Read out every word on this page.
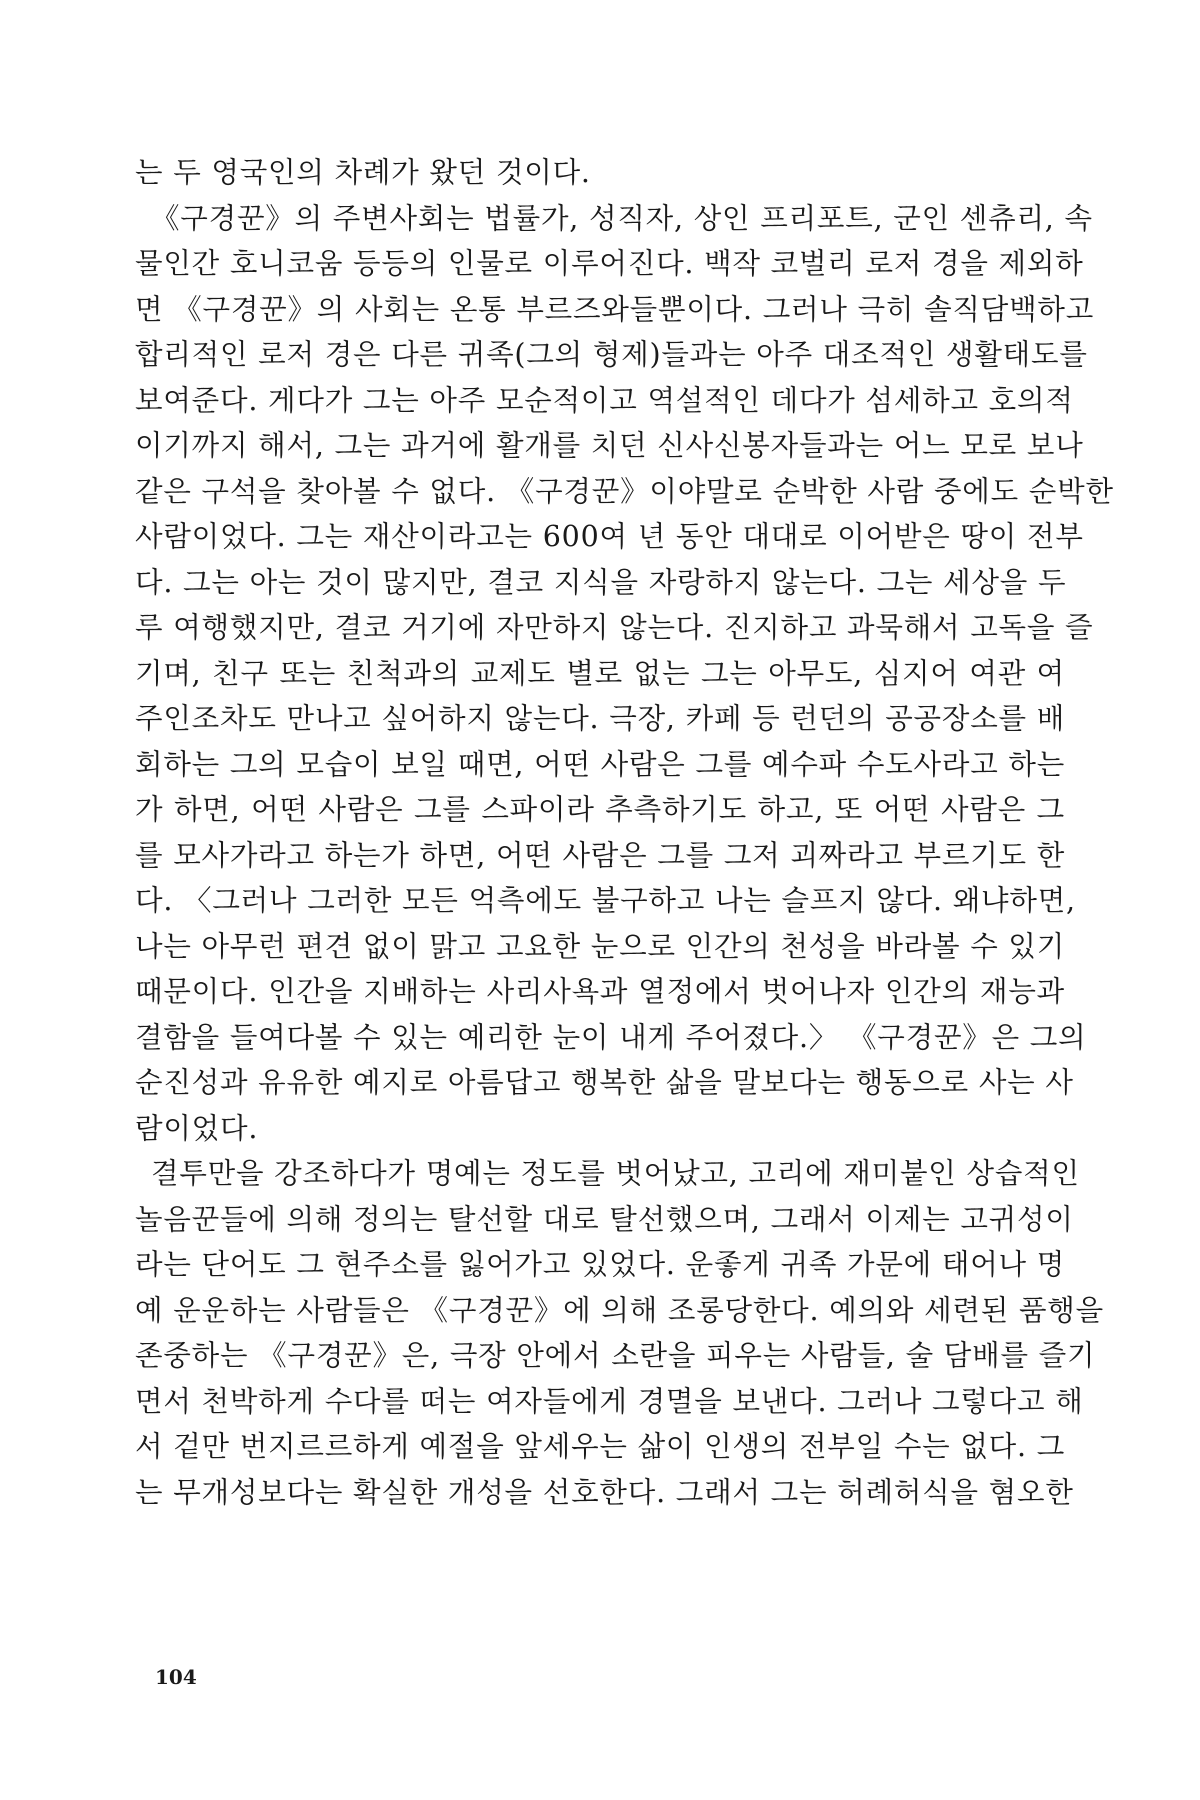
는 두 영국인의 차례가 왔던 것이다.
《구경꾼》의 주변사회는 법률가, 성직자, 상인 프리포트, 군인 센츄리, 속
물인간 호니코움 등등의 인물로 이루어진다. 백작 코벌리 로저 경을 제외하
면 《구경꾼》의 사회는 온통 부르즈와들뿐이다. 그러나 극히 솔직담백하고
합리적인 로저 경은 다른 귀족(그의 형제)들과는 아주 대조적인 생활태도를
보여준다. 게다가 그는 아주 모순적이고 역설적인 데다가 섬세하고 호의적
이기까지 해서, 그는 과거에 활개를 치던 신사신봉자들과는 어느 모로 보나
같은 구석을 찾아볼 수 없다. 《구경꾼》이야말로 순박한 사람 중에도 순박한
사람이었다. 그는 재산이라고는 600여 년 동안 대대로 이어받은 땅이 전부
다. 그는 아는 것이 많지만, 결코 지식을 자랑하지 않는다. 그는 세상을 두
루 여행했지만, 결코 거기에 자만하지 않는다. 진지하고 과묵해서 고독을 즐
기며, 친구 또는 친척과의 교제도 별로 없는 그는 아무도, 심지어 여관 여
주인조차도 만나고 싶어하지 않는다. 극장, 카페 등 런던의 공공장소를 배
회하는 그의 모습이 보일 때면, 어떤 사람은 그를 예수파 수도사라고 하는
가 하면, 어떤 사람은 그를 스파이라 추측하기도 하고, 또 어떤 사람은 그
를 모사가라고 하는가 하면, 어떤 사람은 그를 그저 괴짜라고 부르기도 한
다. 〈그러나 그러한 모든 억측에도 불구하고 나는 슬프지 않다. 왜냐하면,
나는 아무런 편견 없이 맑고 고요한 눈으로 인간의 천성을 바라볼 수 있기
때문이다. 인간을 지배하는 사리사욕과 열정에서 벗어나자 인간의 재능과
결함을 들여다볼 수 있는 예리한 눈이 내게 주어졌다.〉 《구경꾼》은 그의
순진성과 유유한 예지로 아름답고 행복한 삶을 말보다는 행동으로 사는 사
람이었다.
결투만을 강조하다가 명예는 정도를 벗어났고, 고리에 재미붙인 상습적인
놀음꾼들에 의해 정의는 탈선할 대로 탈선했으며, 그래서 이제는 고귀성이
라는 단어도 그 현주소를 잃어가고 있었다. 운좋게 귀족 가문에 태어나 명
예 운운하는 사람들은 《구경꾼》에 의해 조롱당한다. 예의와 세련된 품행을
존중하는 《구경꾼》은, 극장 안에서 소란을 피우는 사람들, 술 담배를 즐기
면서 천박하게 수다를 떠는 여자들에게 경멸을 보낸다. 그러나 그렇다고 해
서 겉만 번지르르하게 예절을 앞세우는 삶이 인생의 전부일 수는 없다. 그
는 무개성보다는 확실한 개성을 선호한다. 그래서 그는 허례허식을 혐오한
104
